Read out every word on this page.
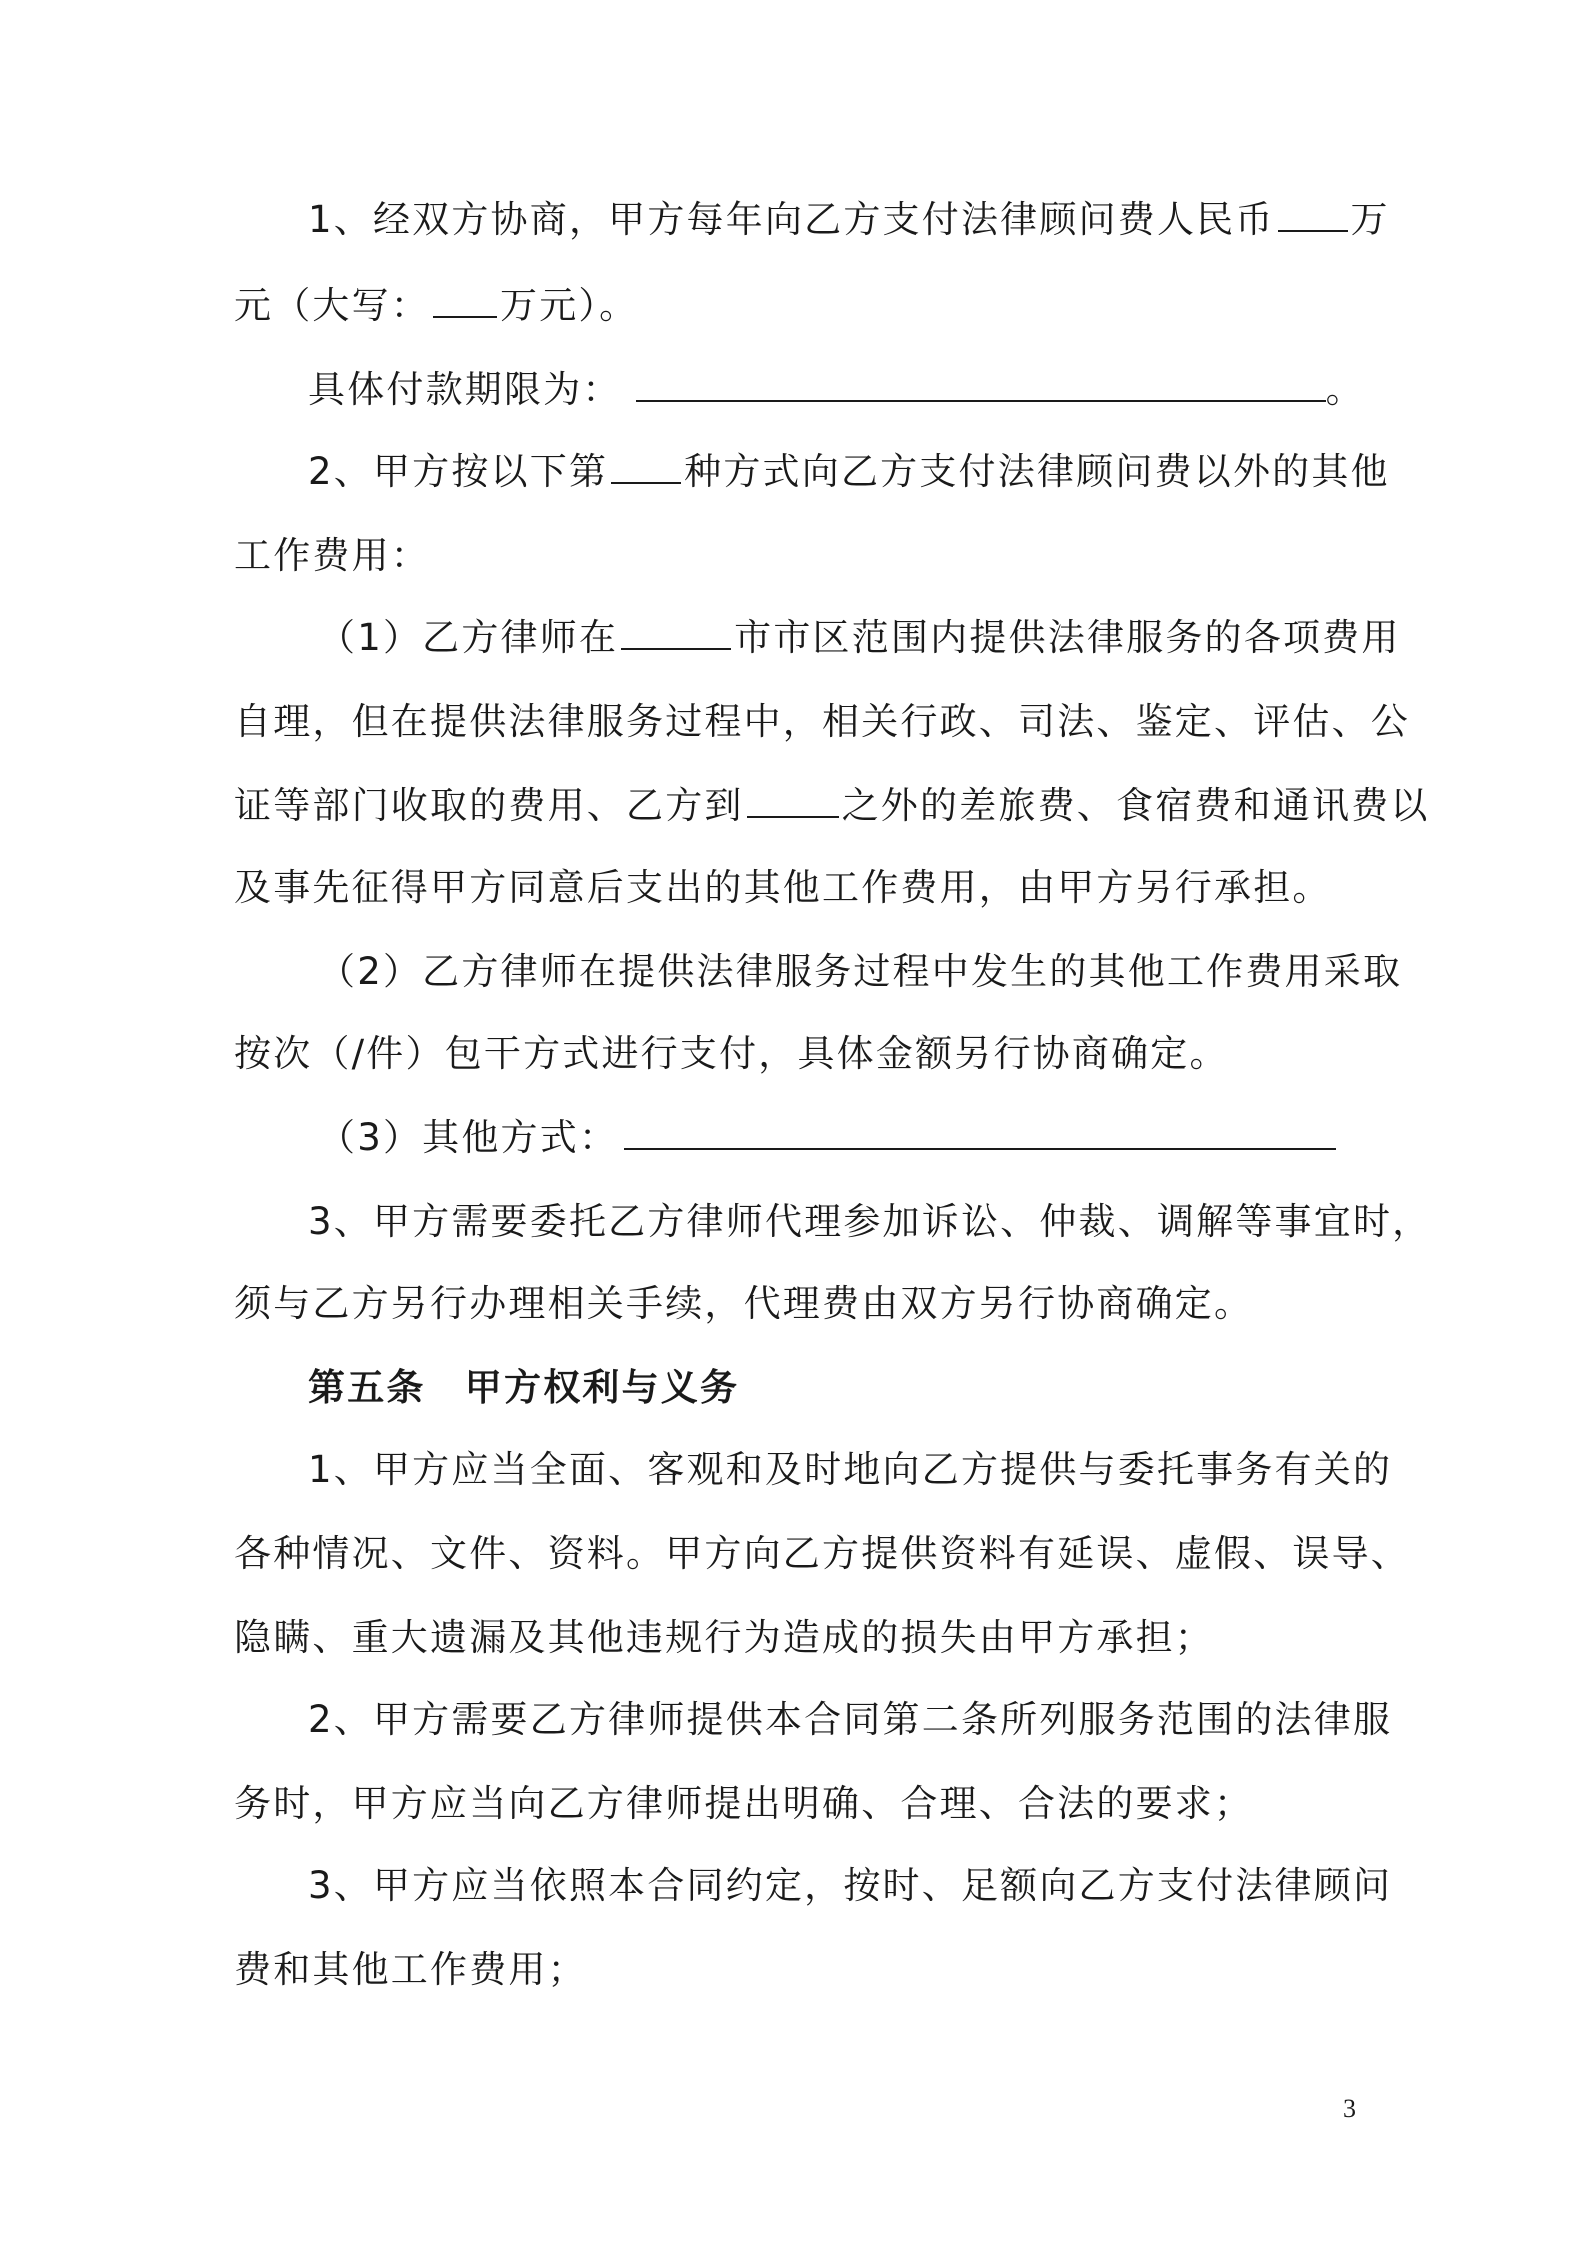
1、经双方协商，甲方每年向乙方支付法律顾问费人民币 万
元（大写： 万元）。
具体付款期限为：	。
2、甲方按以下第 种方式向乙方支付法律顾问费以外的其他
工作费用：
（1）乙方律师在	市市区范围内提供法律服务的各项费用
自理，但在提供法律服务过程中，相关行政、司法、鉴定、评估、公
证等部门收取的费用、乙方到	之外的差旅费、食宿费和通讯费以
及事先征得甲方同意后支出的其他工作费用，由甲方另行承担。
（2）乙方律师在提供法律服务过程中发生的其他工作费用采取
按次（/件）包干方式进行支付，具体金额另行协商确定。
（3）其他方式：
3、甲方需要委托乙方律师代理参加诉讼、仲裁、调解等事宜时，
须与乙方另行办理相关手续，代理费由双方另行协商确定。
第五条　甲方权利与义务
1、甲方应当全面、客观和及时地向乙方提供与委托事务有关的
各种情况、文件、资料。甲方向乙方提供资料有延误、虚假、误导、
隐瞒、重大遗漏及其他违规行为造成的损失由甲方承担；
2、甲方需要乙方律师提供本合同第二条所列服务范围的法律服
务时，甲方应当向乙方律师提出明确、合理、合法的要求；
3、甲方应当依照本合同约定，按时、足额向乙方支付法律顾问
费和其他工作费用；
3
